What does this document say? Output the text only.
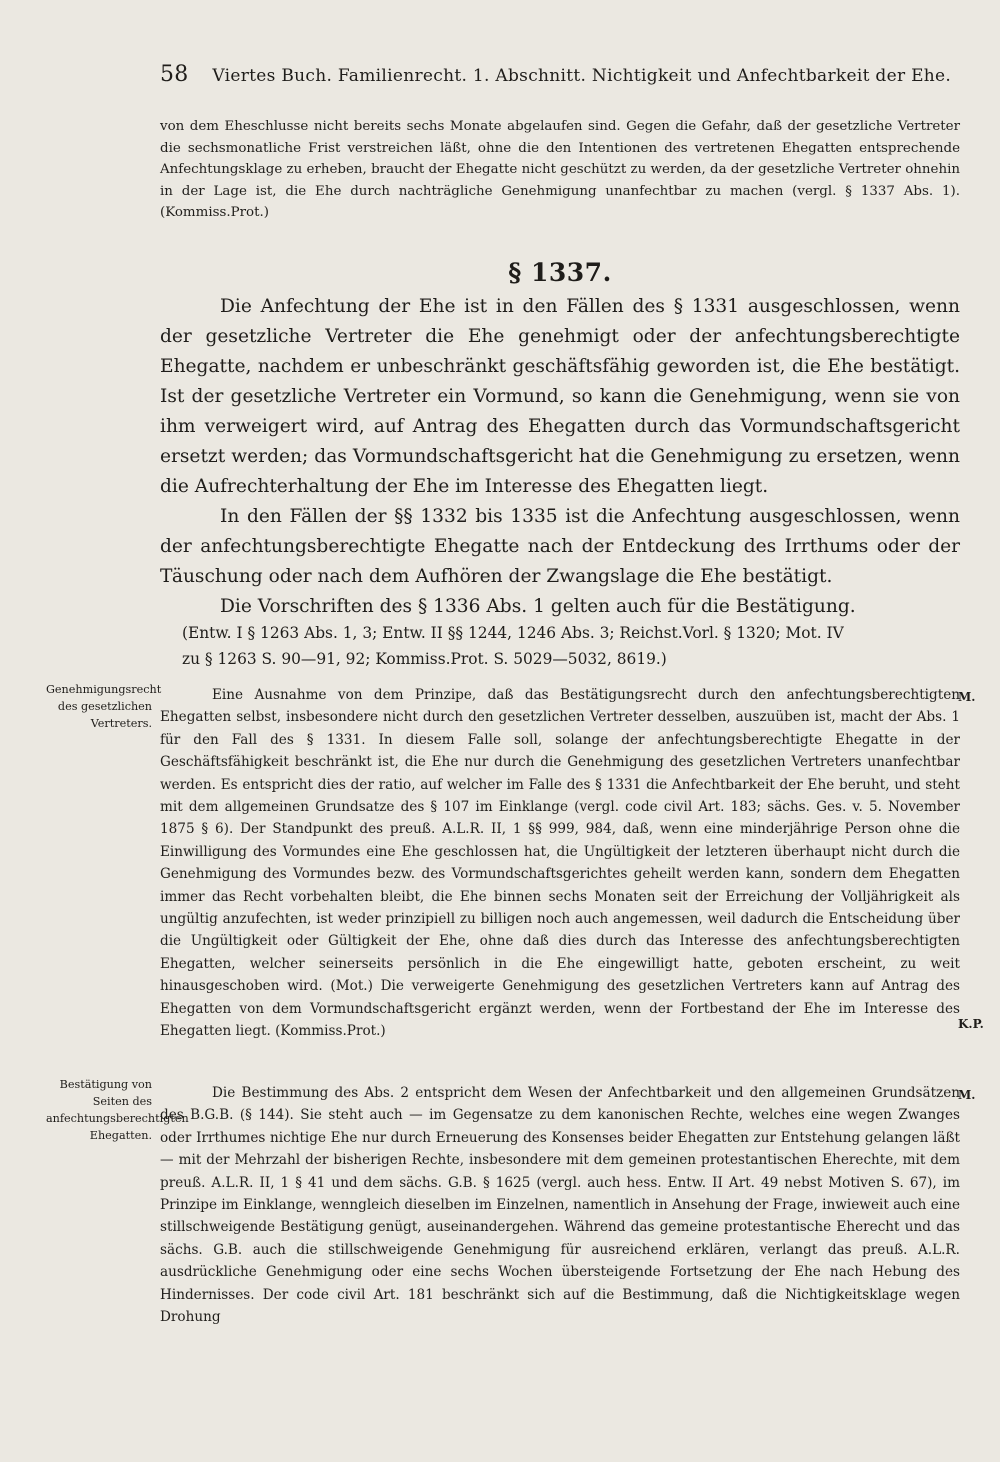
58 Viertes Buch. Familienrecht. 1. Abschnitt. Nichtigkeit und Anfechtbarkeit der Ehe.
von dem Eheschlusse nicht bereits sechs Monate abgelaufen sind. Gegen die Gefahr, daß der gesetzliche Vertreter die sechsmonatliche Frist verstreichen läßt, ohne die den Intentionen des vertretenen Ehegatten entsprechende Anfechtungsklage zu erheben, braucht der Ehegatte nicht geschützt zu werden, da der gesetzliche Vertreter ohnehin in der Lage ist, die Ehe durch nachträgliche Genehmigung unanfechtbar zu machen (vergl. § 1337 Abs. 1). (Kommiss.Prot.)
§ 1337.

Die Anfechtung der Ehe ist in den Fällen des § 1331 ausgeschlossen, wenn der gesetzliche Vertreter die Ehe genehmigt oder der anfechtungsberechtigte Ehegatte, nachdem er unbeschränkt geschäftsfähig geworden ist, die Ehe bestätigt. Ist der gesetzliche Vertreter ein Vormund, so kann die Genehmigung, wenn sie von ihm verweigert wird, auf Antrag des Ehegatten durch das Vormundschaftsgericht ersetzt werden; das Vormundschaftsgericht hat die Genehmigung zu ersetzen, wenn die Aufrechterhaltung der Ehe im Interesse des Ehegatten liegt.

In den Fällen der §§ 1332 bis 1335 ist die Anfechtung ausgeschlossen, wenn der anfechtungsberechtigte Ehegatte nach der Entdeckung des Irrthums oder der Täuschung oder nach dem Aufhören der Zwangslage die Ehe bestätigt.

Die Vorschriften des § 1336 Abs. 1 gelten auch für die Bestätigung.

(Entw. I § 1263 Abs. 1, 3; Entw. II §§ 1244, 1246 Abs. 3; Reichst.Vorl. § 1320; Mot. IV
zu § 1263 S. 90—91, 92; Kommiss.Prot. S. 5029—5032, 8619.)
Genehmigungsrecht des gesetzlichen Vertreters.
Bestätigung von Seiten des anfechtungsberechtigten Ehegatten.
M.
K.P.
M.

Eine Ausnahme von dem Prinzipe, daß das Bestätigungsrecht durch den anfechtungsberechtigten Ehegatten selbst, insbesondere nicht durch den gesetzlichen Vertreter desselben, auszuüben ist, macht der Abs. 1 für den Fall des § 1331. In diesem Falle soll, solange der anfechtungsberechtigte Ehegatte in der Geschäftsfähigkeit beschränkt ist, die Ehe nur durch die Genehmigung des gesetzlichen Vertreters unanfechtbar werden. Es entspricht dies der ratio, auf welcher im Falle des § 1331 die Anfechtbarkeit der Ehe beruht, und steht mit dem allgemeinen Grundsatze des § 107 im Einklange (vergl. code civil Art. 183; sächs. Ges. v. 5. November 1875 § 6). Der Standpunkt des preuß. A.L.R. II, 1 §§ 999, 984, daß, wenn eine minderjährige Person ohne die Einwilligung des Vormundes eine Ehe geschlossen hat, die Ungültigkeit der letzteren überhaupt nicht durch die Genehmigung des Vormundes bezw. des Vormundschaftsgerichtes geheilt werden kann, sondern dem Ehegatten immer das Recht vorbehalten bleibt, die Ehe binnen sechs Monaten seit der Erreichung der Volljährigkeit als ungültig anzufechten, ist weder prinzipiell zu billigen noch auch angemessen, weil dadurch die Entscheidung über die Ungültigkeit oder Gültigkeit der Ehe, ohne daß dies durch das Interesse des anfechtungsberechtigten Ehegatten, welcher seinerseits persönlich in die Ehe eingewilligt hatte, geboten erscheint, zu weit hinausgeschoben wird. (Mot.) Die verweigerte Genehmigung des gesetzlichen Vertreters kann auf Antrag des Ehegatten von dem Vormundschaftsgericht ergänzt werden, wenn der Fortbestand der Ehe im Interesse des Ehegatten liegt. (Kommiss.Prot.)

Die Bestimmung des Abs. 2 entspricht dem Wesen der Anfechtbarkeit und den allgemeinen Grundsätzen des B.G.B. (§ 144). Sie steht auch — im Gegensatze zu dem kanonischen Rechte, welches eine wegen Zwanges oder Irrthumes nichtige Ehe nur durch Erneuerung des Konsenses beider Ehegatten zur Entstehung gelangen läßt — mit der Mehrzahl der bisherigen Rechte, insbesondere mit dem gemeinen protestantischen Eherechte, mit dem preuß. A.L.R. II, 1 § 41 und dem sächs. G.B. § 1625 (vergl. auch hess. Entw. II Art. 49 nebst Motiven S. 67), im Prinzipe im Einklange, wenngleich dieselben im Einzelnen, namentlich in Ansehung der Frage, inwieweit auch eine stillschweigende Bestätigung genügt, auseinandergehen. Während das gemeine protestantische Eherecht und das sächs. G.B. auch die stillschweigende Genehmigung für ausreichend erklären, verlangt das preuß. A.L.R. ausdrückliche Genehmigung oder eine sechs Wochen übersteigende Fortsetzung der Ehe nach Hebung des Hindernisses. Der code civil Art. 181 beschränkt sich auf die Bestimmung, daß die Nichtigkeitsklage wegen Drohung
